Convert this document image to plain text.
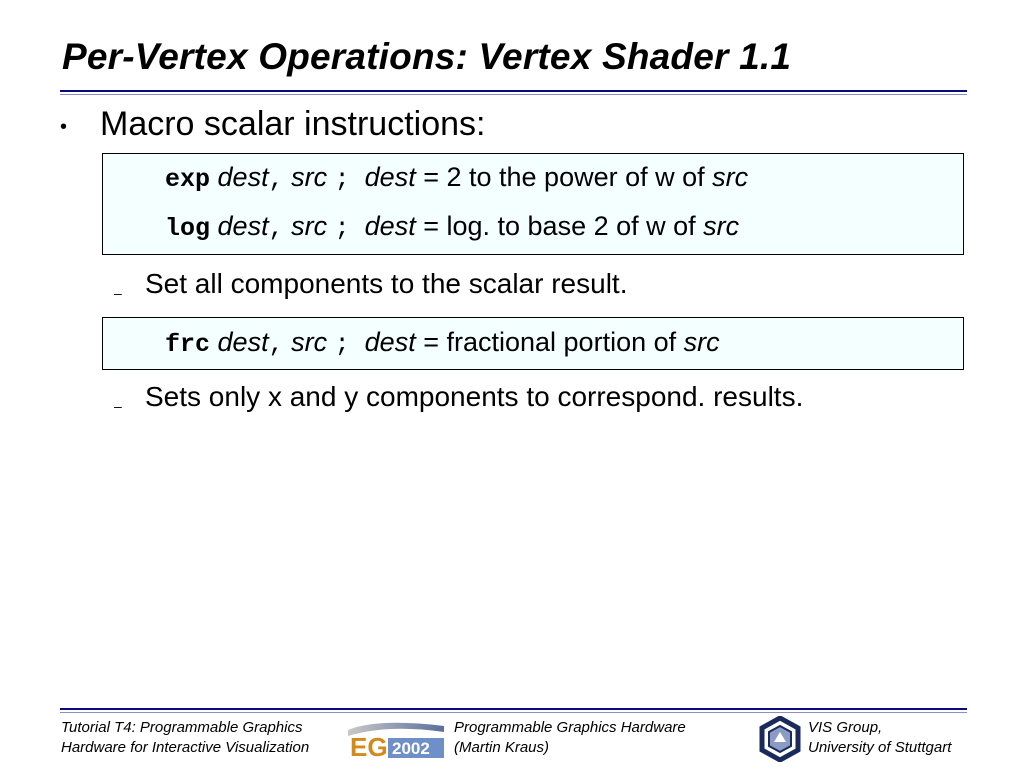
Per-Vertex Operations: Vertex Shader 1.1
• Macro scalar instructions:
exp dest, src ; dest = 2 to the power of w of src
log dest, src ; dest = log. to base 2 of w of src
– Set all components to the scalar result.
frc dest, src ; dest = fractional portion of src
– Sets only x and y components to correspond. results.
Tutorial T4: Programmable Graphics
Hardware for Interactive Visualization EG 2002
Programmable Graphics Hardware
(Martin Kraus)
VIS Group,
University of Stuttgart
